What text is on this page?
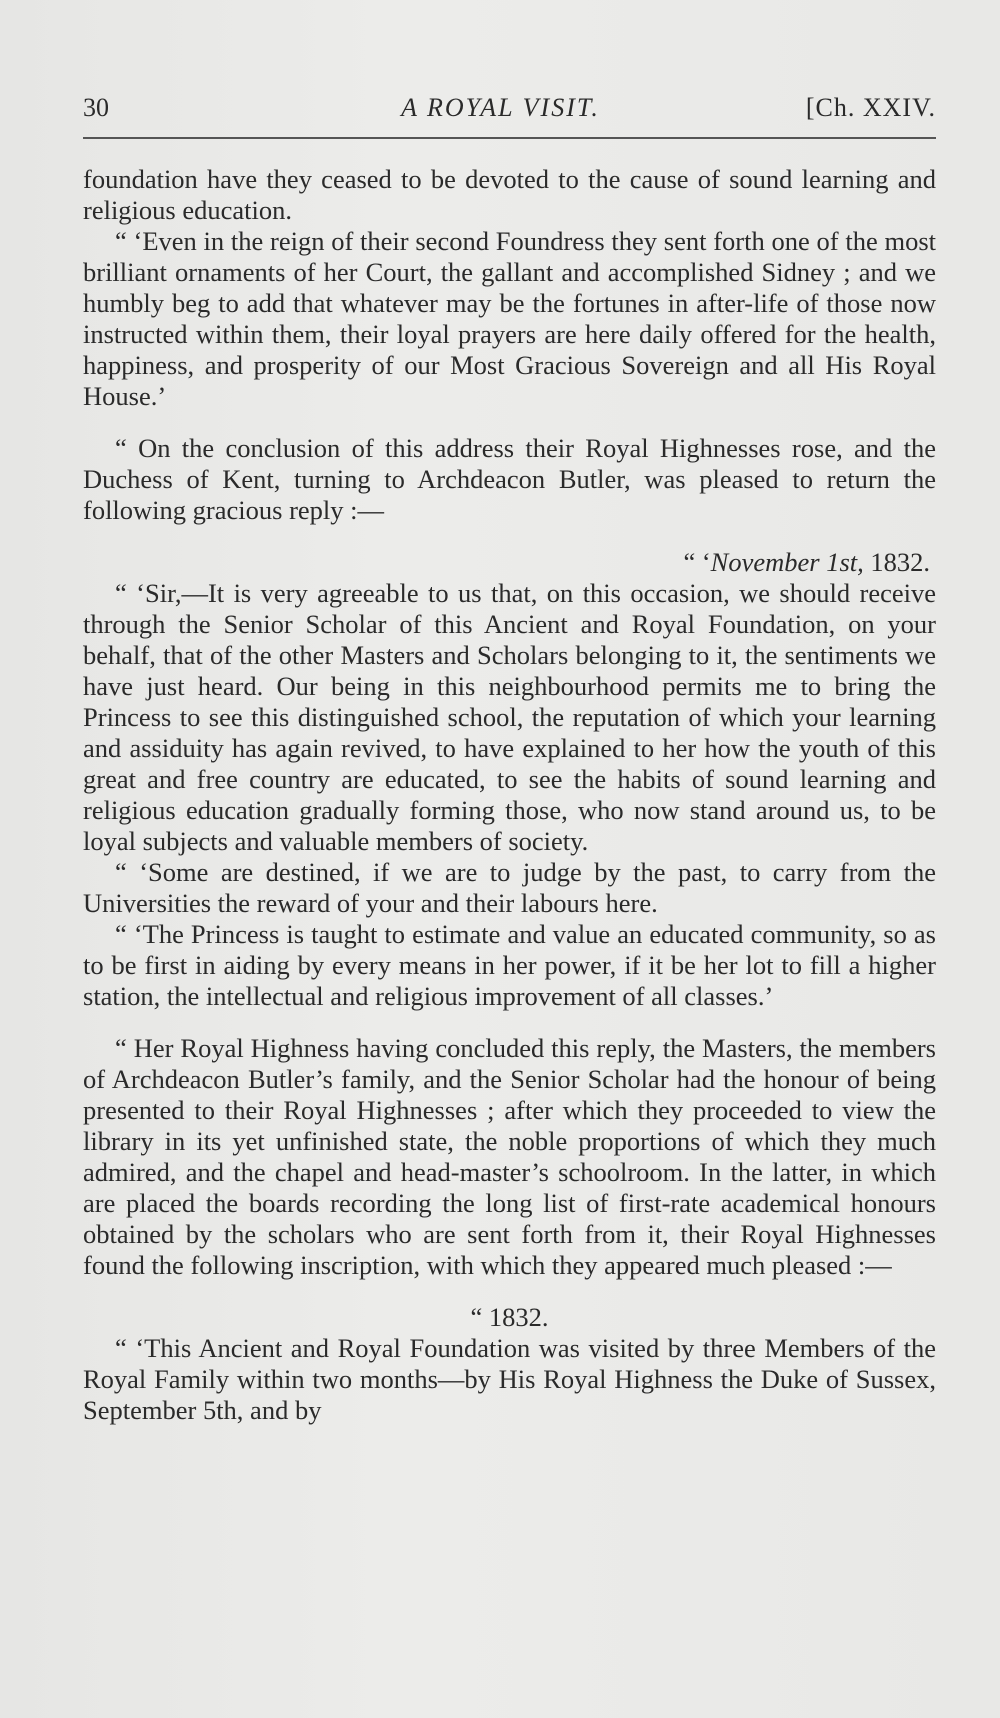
30	A ROYAL VISIT.	[Ch. XXIV.

foundation have they ceased to be devoted to the cause of sound learning and religious education.

“ ‘Even in the reign of their second Foundress they sent forth one of the most brilliant ornaments of her Court, the gallant and accomplished Sidney ; and we humbly beg to add that whatever may be the fortunes in after-life of those now instructed within them, their loyal prayers are here daily offered for the health, happiness, and prosperity of our Most Gracious Sovereign and all His Royal House.’

“ On the conclusion of this address their Royal Highnesses rose, and the Duchess of Kent, turning to Archdeacon Butler, was pleased to return the following gracious reply :—

“ ‘November 1st, 1832.

“ ‘Sir,—It is very agreeable to us that, on this occasion, we should receive through the Senior Scholar of this Ancient and Royal Foundation, on your behalf, that of the other Masters and Scholars belonging to it, the sentiments we have just heard. Our being in this neighbourhood permits me to bring the Princess to see this distinguished school, the reputation of which your learning and assiduity has again revived, to have explained to her how the youth of this great and free country are educated, to see the habits of sound learning and religious education gradually forming those, who now stand around us, to be loyal subjects and valuable members of society.

“ ‘Some are destined, if we are to judge by the past, to carry from the Universities the reward of your and their labours here.

“ ‘The Princess is taught to estimate and value an educated community, so as to be first in aiding by every means in her power, if it be her lot to fill a higher station, the intellectual and religious improvement of all classes.’

“ Her Royal Highness having concluded this reply, the Masters, the members of Archdeacon Butler’s family, and the Senior Scholar had the honour of being presented to their Royal Highnesses ; after which they proceeded to view the library in its yet unfinished state, the noble proportions of which they much admired, and the chapel and head-master’s schoolroom. In the latter, in which are placed the boards recording the long list of first-rate academical honours obtained by the scholars who are sent forth from it, their Royal Highnesses found the following inscription, with which they appeared much pleased :—

“ 1832.

“ ‘This Ancient and Royal Foundation was visited by three Members of the Royal Family within two months—by His Royal Highness the Duke of Sussex, September 5th, and by
